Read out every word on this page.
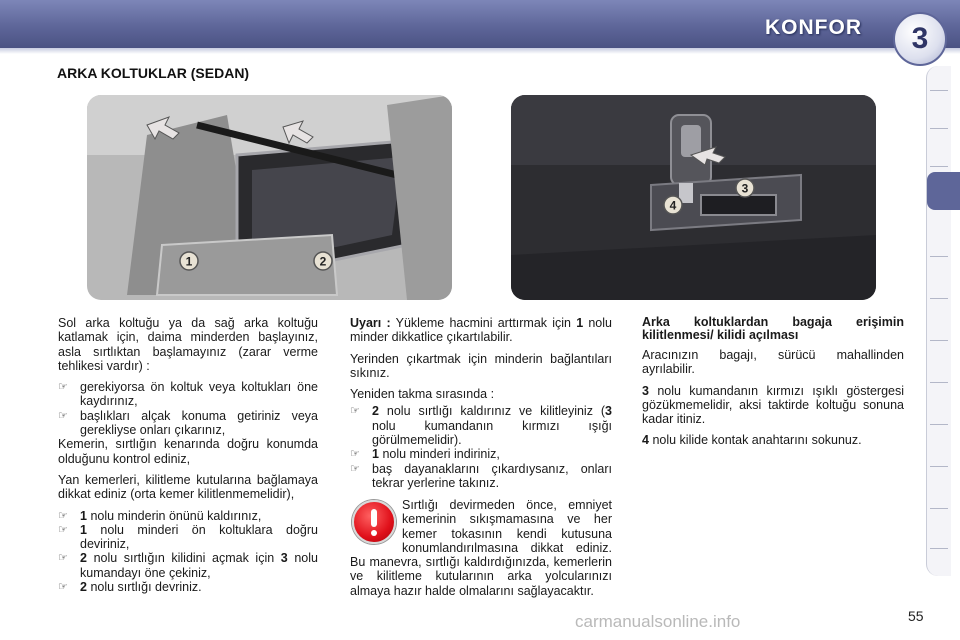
KONFOR	3
ARKA KOLTUKLAR (SEDAN)
1	2
3
4

Sol arka koltuğu ya da sağ arka koltuğu katlamak için, daima minderden başlayınız, asla sırtlıktan başlamayınız (zarar verme tehlikesi vardır) :

☞ gerekiyorsa ön koltuk veya koltukları öne kaydırınız,
☞ başlıkları alçak konuma getiriniz veya gerekliyse onları çıkarınız,

Kemerin, sırtlığın kenarında doğru konumda olduğunu kontrol ediniz,

Yan kemerleri, kilitleme kutularına bağlamaya dikkat ediniz (orta kemer kilitlenmemelidir),

☞ 1 nolu minderin önünü kaldırınız,
☞ 1 nolu minderi ön koltuklara doğru deviriniz,
☞ 2 nolu sırtlığın kilidini açmak için 3 nolu kumandayı öne çekiniz,
☞ 2 nolu sırtlığı devriniz.

Uyarı : Yükleme hacmini arttırmak için 1 nolu minder dikkatlice çıkartılabilir.

Yerinden çıkartmak için minderin bağlantıları sıkınız.

Yeniden takma sırasında :

☞ 2 nolu sırtlığı kaldırınız ve kilitleyiniz (3 nolu kumandanın kırmızı ışığı görülmemelidir).
☞ 1 nolu minderi indiriniz,
☞ baş dayanaklarını çıkardıysanız, onları tekrar yerlerine takınız.
Sırtlığı devirmeden önce, emniyet kemerinin sıkışmamasına ve her kemer tokasının kendi kutusuna konumlandırılmasına dikkat ediniz. Bu manevra, sırtlığı kaldırdığınızda, kemerlerin ve kilitleme kutularının arka yolcularınızı almaya hazır halde olmalarını sağlayacaktır.
Arka koltuklardan bagaja erişimin kilitlenmesi/ kilidi açılması

Aracınızın bagajı, sürücü mahallinden ayrılabilir.

3 nolu kumandanın kırmızı ışıklı göstergesi gözükmemelidir, aksi taktirde koltuğu sonuna kadar itiniz.

4 nolu kilide kontak anahtarını sokunuz.

carmanualsonline.info	55
